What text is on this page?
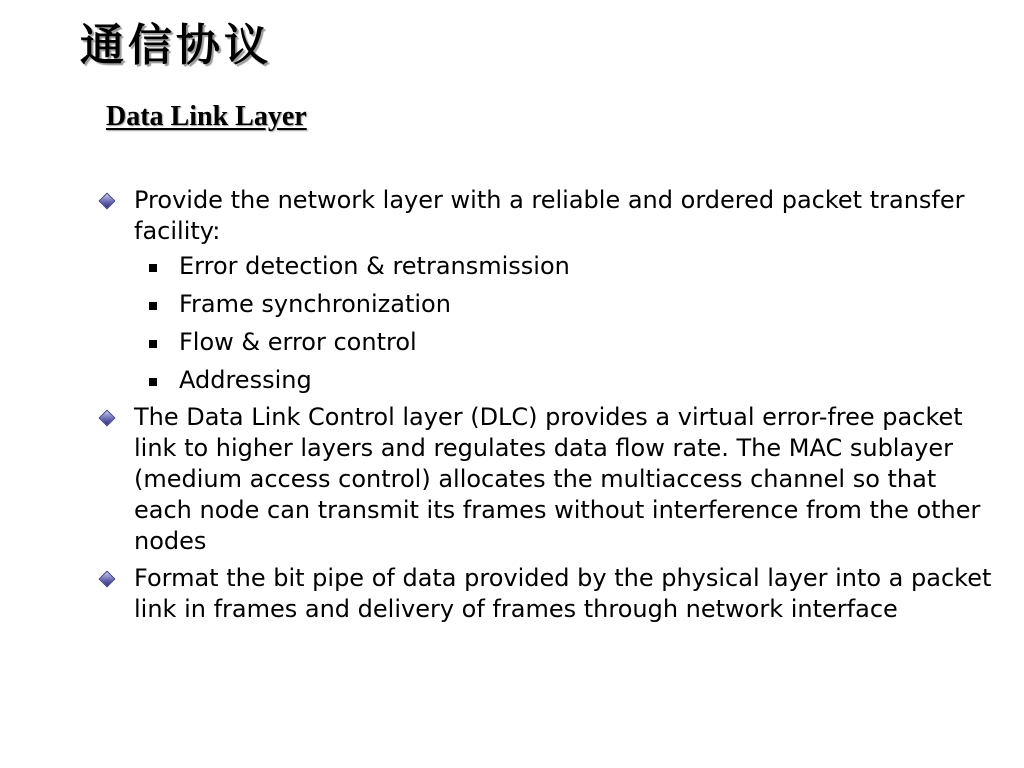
通信协议
Data Link Layer
Provide the network layer with a reliable and ordered packet transfer facility:
Error detection & retransmission
Frame synchronization
Flow & error control
Addressing
The Data Link Control layer (DLC) provides a virtual error-free packet link to higher layers and regulates data flow rate. The MAC sublayer (medium access control) allocates the multiaccess channel so that each node can transmit its frames without interference from the other nodes
Format the bit pipe of data provided by the physical layer into a packet link in frames and delivery of frames through network interface
